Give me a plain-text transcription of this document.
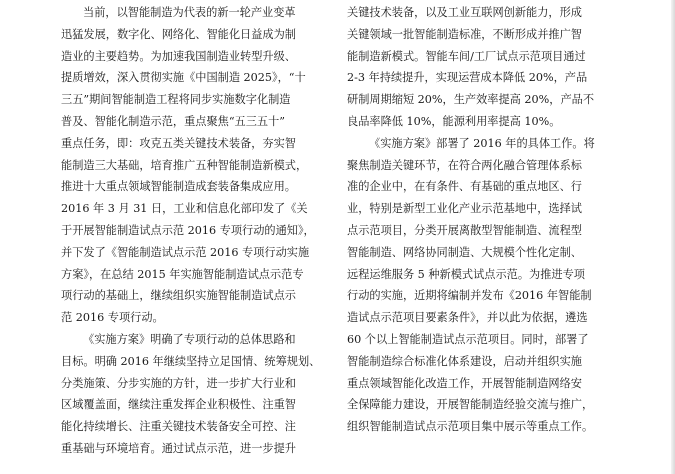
当前，以智能制造为代表的新一轮产业变革
迅猛发展，数字化、网络化、智能化日益成为制
造业的主要趋势。为加速我国制造业转型升级、
提质增效，深入贯彻实施《中国制造 2025》，“十
三五”期间智能制造工程将同步实施数字化制造
普及、智能化制造示范，重点聚焦“五三五十”
重点任务，即：攻克五类关键技术装备，夯实智
能制造三大基础，培育推广五种智能制造新模式，
推进十大重点领域智能制造成套装备集成应用。
2016 年 3 月 31 日，工业和信息化部印发了《关
于开展智能制造试点示范 2016 专项行动的通知》，
并下发了《智能制造试点示范 2016 专项行动实施
方案》，在总结 2015 年实施智能制造试点示范专
项行动的基础上，继续组织实施智能制造试点示
范 2016 专项行动。
《实施方案》明确了专项行动的总体思路和
目标。明确 2016 年继续坚持立足国情、统筹规划、
分类施策、分步实施的方针，进一步扩大行业和
区域覆盖面，继续注重发挥企业积极性、注重智
能化持续增长、注重关键技术装备安全可控、注
重基础与环境培育。通过试点示范，进一步提升
关键技术装备，以及工业互联网创新能力，形成
关键领域一批智能制造标准，不断形成并推广智
能制造新模式。智能车间/工厂试点示范项目通过
2-3 年持续提升，实现运营成本降低 20%，产品
研制周期缩短 20%，生产效率提高 20%，产品不
良品率降低 10%，能源利用率提高 10%。
《实施方案》部署了 2016 年的具体工作。将
聚焦制造关键环节，在符合两化融合管理体系标
准的企业中，在有条件、有基础的重点地区、行
业，特别是新型工业化产业示范基地中，选择试
点示范项目，分类开展离散型智能制造、流程型
智能制造、网络协同制造、大规模个性化定制、
远程运维服务 5 种新模式试点示范。为推进专项
行动的实施，近期将编制并发布《2016 年智能制
造试点示范项目要素条件》，并以此为依据，遴选
60 个以上智能制造试点示范项目。同时，部署了
智能制造综合标准化体系建设，启动并组织实施
重点领域智能化改造工作，开展智能制造网络安
全保障能力建设，开展智能制造经验交流与推广，
组织智能制造试点示范项目集中展示等重点工作。
